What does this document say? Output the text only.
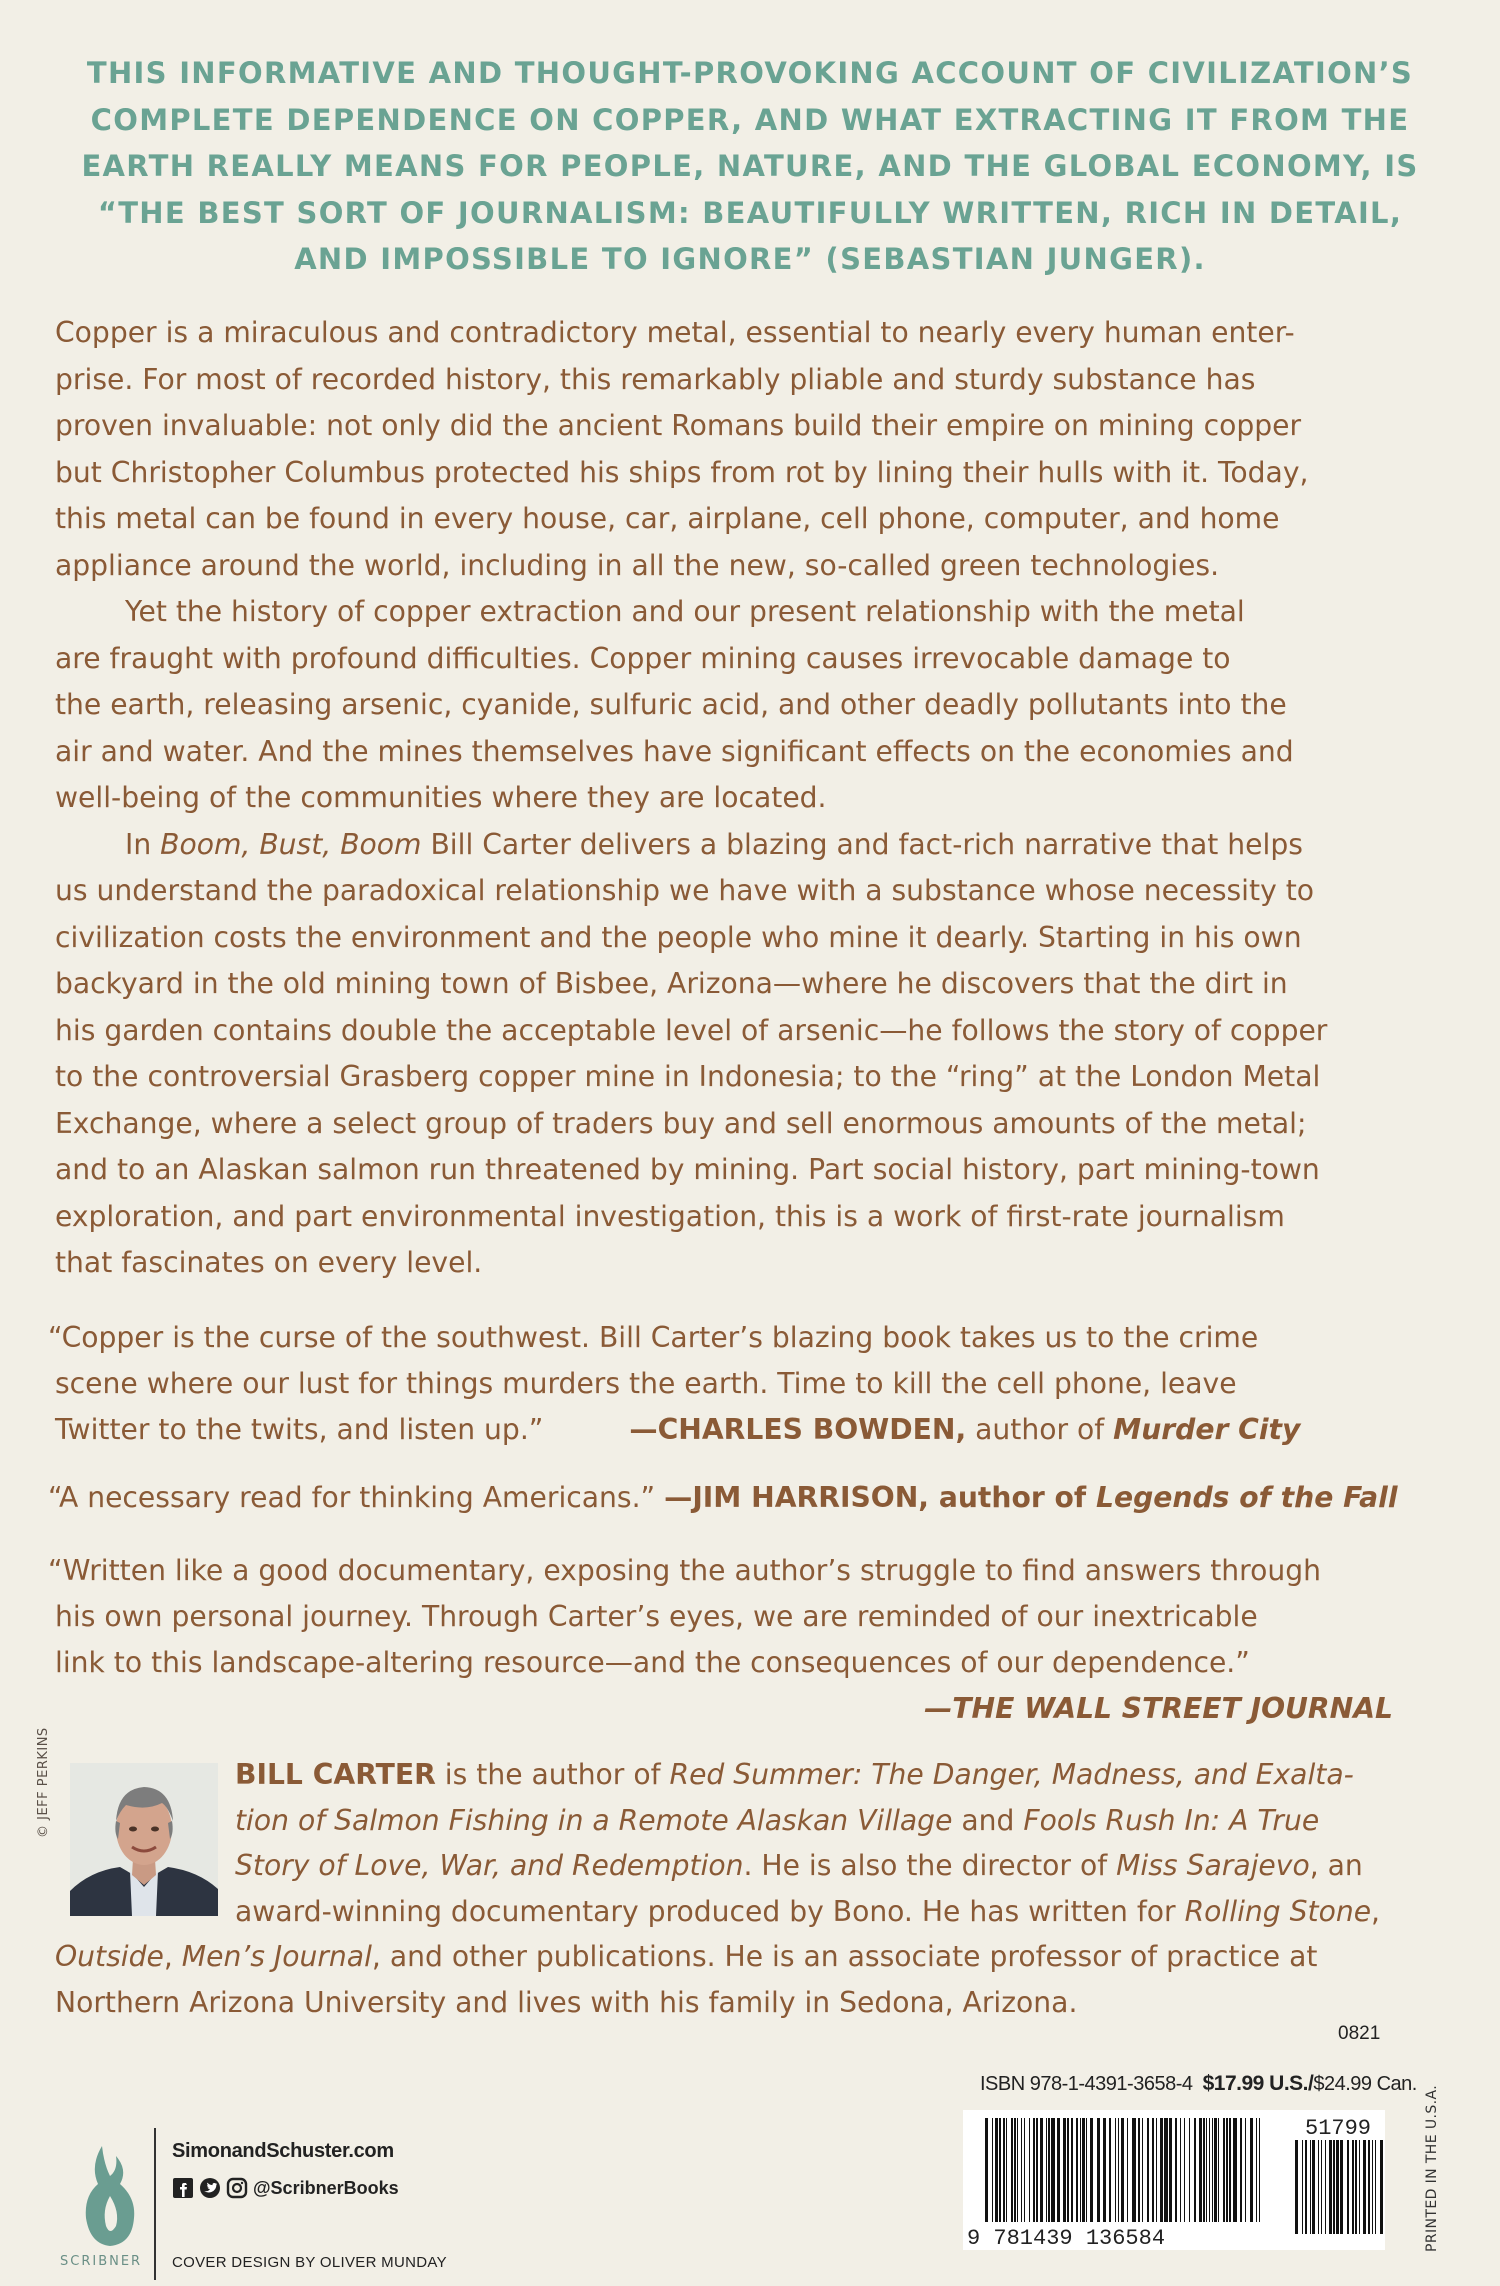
THIS INFORMATIVE AND THOUGHT-PROVOKING ACCOUNT OF CIVILIZATION’S
COMPLETE DEPENDENCE ON COPPER, AND WHAT EXTRACTING IT FROM THE
EARTH REALLY MEANS FOR PEOPLE, NATURE, AND THE GLOBAL ECONOMY, IS
“THE BEST SORT OF JOURNALISM: BEAUTIFULLY WRITTEN, RICH IN DETAIL,
AND IMPOSSIBLE TO IGNORE” (SEBASTIAN JUNGER).
Copper is a miraculous and contradictory metal, essential to nearly every human enter-
prise. For most of recorded history, this remarkably pliable and sturdy substance has
proven invaluable: not only did the ancient Romans build their empire on mining copper
but Christopher Columbus protected his ships from rot by lining their hulls with it. Today,
this metal can be found in every house, car, airplane, cell phone, computer, and home
appliance around the world, including in all the new, so-called green technologies.
Yet the history of copper extraction and our present relationship with the metal
are fraught with profound difficulties. Copper mining causes irrevocable damage to
the earth, releasing arsenic, cyanide, sulfuric acid, and other deadly pollutants into the
air and water. And the mines themselves have significant effects on the economies and
well-being of the communities where they are located.
In Boom, Bust, Boom Bill Carter delivers a blazing and fact-rich narrative that helps
us understand the paradoxical relationship we have with a substance whose necessity to
civilization costs the environment and the people who mine it dearly. Starting in his own
backyard in the old mining town of Bisbee, Arizona—where he discovers that the dirt in
his garden contains double the acceptable level of arsenic—he follows the story of copper
to the controversial Grasberg copper mine in Indonesia; to the “ring” at the London Metal
Exchange, where a select group of traders buy and sell enormous amounts of the metal;
and to an Alaskan salmon run threatened by mining. Part social history, part mining-town
exploration, and part environmental investigation, this is a work of first-rate journalism
that fascinates on every level.
“Copper is the curse of the southwest. Bill Carter’s blazing book takes us to the crime
scene where our lust for things murders the earth. Time to kill the cell phone, leave
Twitter to the twits, and listen up.”	—CHARLES BOWDEN, author of Murder City
“A necessary read for thinking Americans.” —JIM HARRISON, author of Legends of the Fall
“Written like a good documentary, exposing the author’s struggle to find answers through
his own personal journey. Through Carter’s eyes, we are reminded of our inextricable
link to this landscape-altering resource—and the consequences of our dependence.”
—THE WALL STREET JOURNAL
© JEFF PERKINS	BILL CARTER is the author of Red Summer: The Danger, Madness, and Exalta-
tion of Salmon Fishing in a Remote Alaskan Village and Fools Rush In: A True
Story of Love, War, and Redemption. He is also the director of Miss Sarajevo, an
award-winning documentary produced by Bono. He has written for Rolling Stone,
Outside, Men’s Journal, and other publications. He is an associate professor of practice at
Northern Arizona University and lives with his family in Sedona, Arizona.
0821
ISBN 978-1-4391-3658-4 $17.99 U.S./$24.99 Can.
51799
9 781439 136584	PRINTED IN THE U.S.A.
SCRIBNER
SimonandSchuster.com
@ScribnerBooks
COVER DESIGN BY OLIVER MUNDAY
